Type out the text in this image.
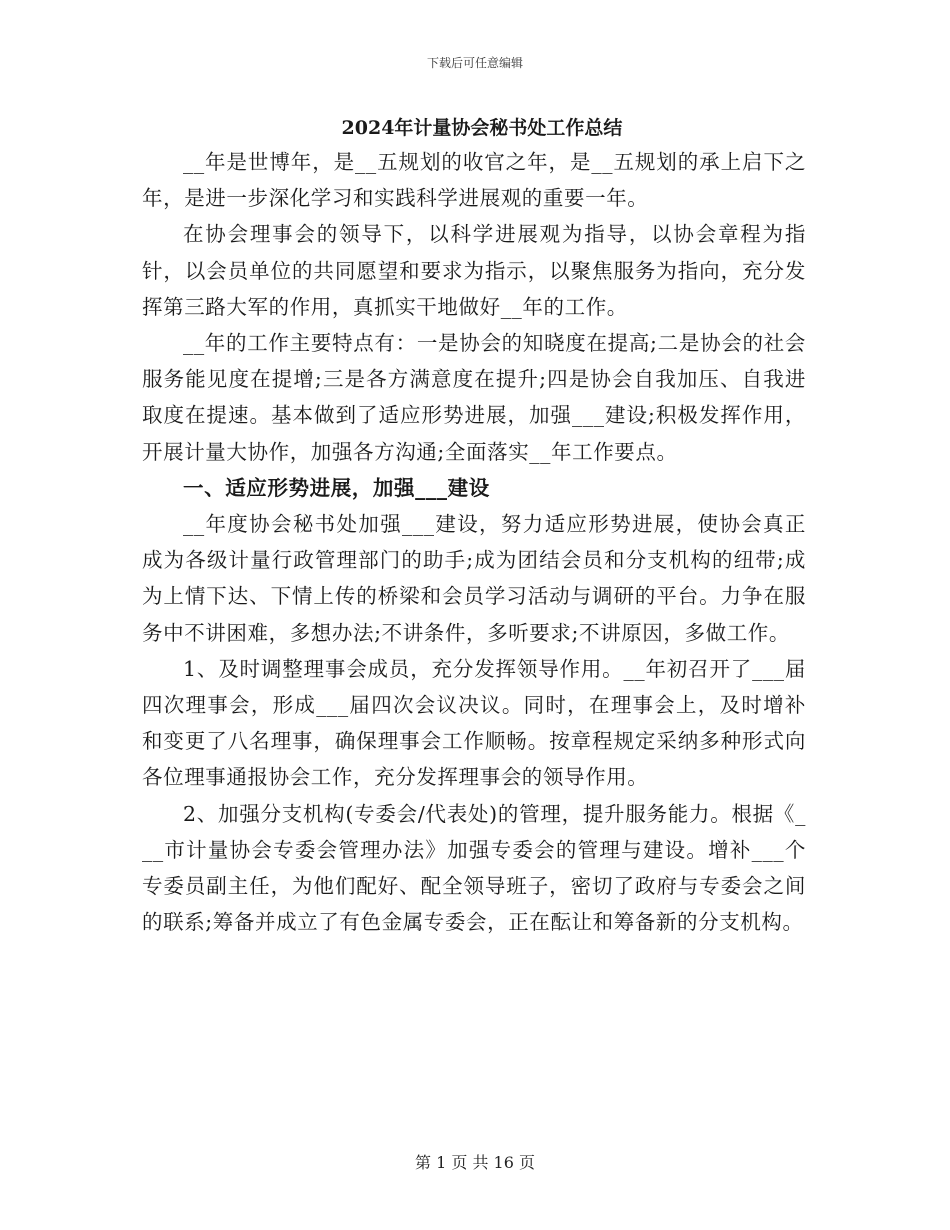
下载后可任意编辑
2024年计量协会秘书处工作总结

__年是世博年，是__五规划的收官之年，是__五规划的承上启下之年，是进一步深化学习和实践科学进展观的重要一年。

在协会理事会的领导下，以科学进展观为指导，以协会章程为指针，以会员单位的共同愿望和要求为指示，以聚焦服务为指向，充分发挥第三路大军的作用，真抓实干地做好__年的工作。

__年的工作主要特点有：一是协会的知晓度在提高;二是协会的社会服务能见度在提增;三是各方满意度在提升;四是协会自我加压、自我进取度在提速。基本做到了适应形势进展，加强___建设;积极发挥作用，开展计量大协作，加强各方沟通;全面落实__年工作要点。

一、适应形势进展，加强___建设

__年度协会秘书处加强___建设，努力适应形势进展，使协会真正成为各级计量行政管理部门的助手;成为团结会员和分支机构的纽带;成为上情下达、下情上传的桥梁和会员学习活动与调研的平台。力争在服务中不讲困难，多想办法;不讲条件，多听要求;不讲原因，多做工作。

1、及时调整理事会成员，充分发挥领导作用。__年初召开了___届四次理事会，形成___届四次会议决议。同时，在理事会上，及时增补和变更了八名理事，确保理事会工作顺畅。按章程规定采纳多种形式向各位理事通报协会工作，充分发挥理事会的领导作用。

2、加强分支机构(专委会/代表处)的管理，提升服务能力。根据《___市计量协会专委会管理办法》加强专委会的管理与建设。增补___个专委员副主任，为他们配好、配全领导班子，密切了政府与专委会之间的联系;筹备并成立了有色金属专委会，正在酝让和筹备新的分支机构。

第 1 页 共 16 页
